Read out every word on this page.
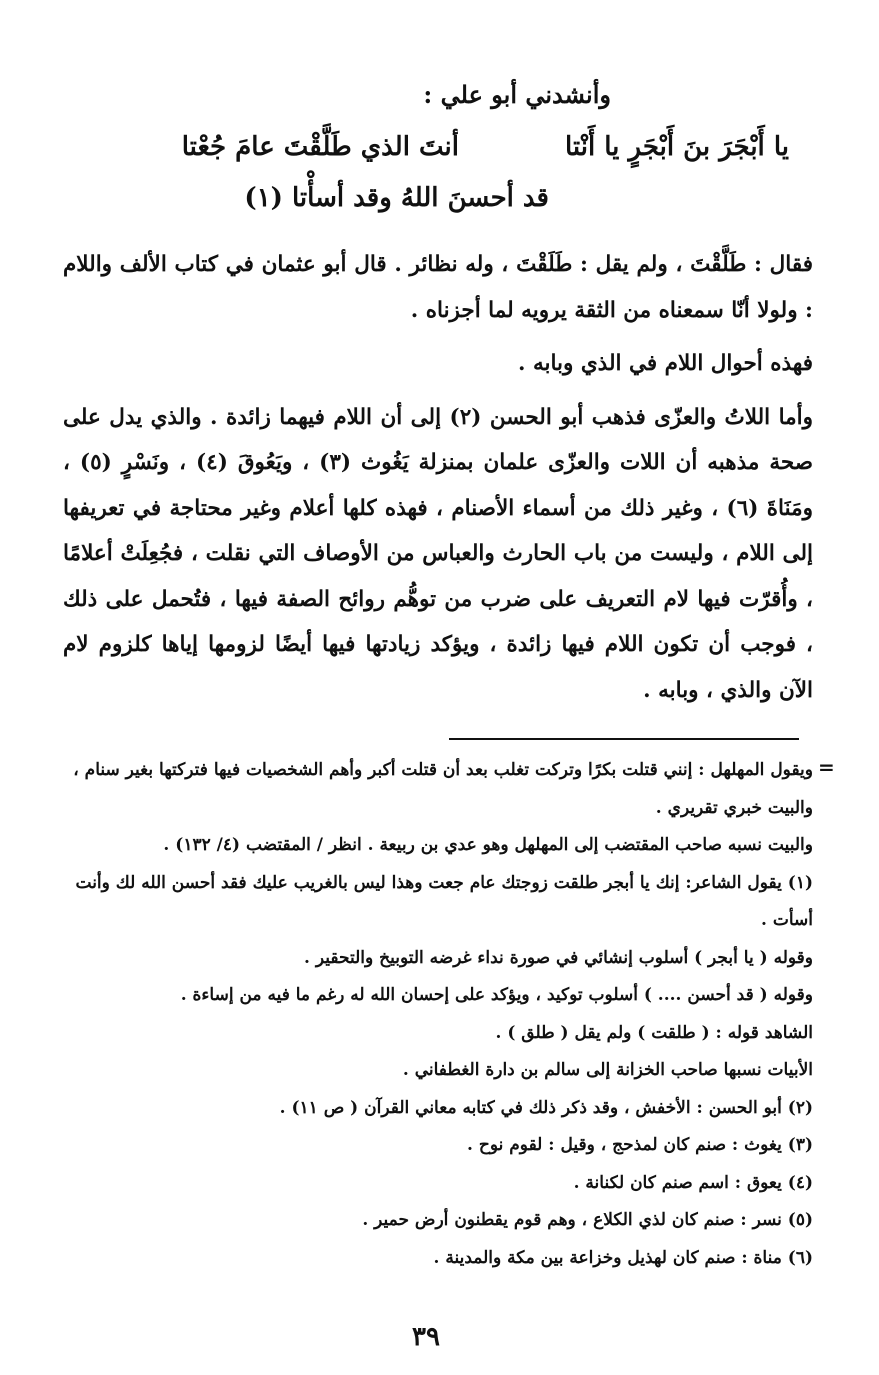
وأنشدني أبو علي :
أنتَ الذي طَلَّقْتَ عامَ جُعْتا	يا أَبْجَرَ بنَ أَبْجَرٍ يا أَنْتا
قد أحسنَ اللهُ وقد أسأْتا (١)

فقال : طَلَّقْتَ ، ولم يقل : طَلَقْتَ ، وله نظائر . قال أبو عثمان في كتاب الألف واللام : ولولا أنّا سمعناه من الثقة يرويه لما أجزناه .

فهذه أحوال اللام في الذي وبابه .

وأما اللاتُ والعزّى فذهب أبو الحسن (٢) إلى أن اللام فيهما زائدة . والذي يدل على صحة مذهبه أن اللات والعزّى علمان بمنزلة يَغُوث (٣) ، ويَعُوقَ (٤) ، ونَسْرٍ (٥) ، ومَنَاةَ (٦) ، وغير ذلك من أسماء الأصنام ، فهذه كلها أعلام وغير محتاجة في تعريفها إلى اللام ، وليست من باب الحارث والعباس من الأوصاف التي نقلت ، فجُعِلَتْ أعلامًا ، وأُقرّت فيها لام التعريف على ضرب من توهُّم روائح الصفة فيها ، فتُحمل على ذلك ، فوجب أن تكون اللام فيها زائدة ، ويؤكد زيادتها فيها أيضًا لزومها إياها كلزوم لام الآن والذي ، وبابه .

=

ويقول المهلهل : إنني قتلت بكرًا وتركت تغلب بعد أن قتلت أكبر وأهم الشخصيات فيها فتركتها بغير سنام ، والبيت خبري تقريري .

والبيت نسبه صاحب المقتضب إلى المهلهل وهو عدي بن ربيعة . انظر / المقتضب (٤/ ١٣٢) .

(١) يقول الشاعر: إنك يا أبجر طلقت زوجتك عام جعت وهذا ليس بالغريب عليك فقد أحسن الله لك وأنت أسأت .

وقوله ( يا أبجر ) أسلوب إنشائي في صورة نداء غرضه التوبيخ والتحقير .

وقوله ( قد أحسن .... ) أسلوب توكيد ، ويؤكد على إحسان الله له رغم ما فيه من إساءة .

الشاهد قوله : ( طلقت ) ولم يقل ( طلق ) .

الأبيات نسبها صاحب الخزانة إلى سالم بن دارة الغطفاني .

(٢) أبو الحسن : الأخفش ، وقد ذكر ذلك في كتابه معاني القرآن ( ص ١١) .

(٣) يغوث : صنم كان لمذحج ، وقيل : لقوم نوح .

(٤) يعوق : اسم صنم كان لكنانة .

(٥) نسر : صنم كان لذي الكلاع ، وهم قوم يقطنون أرض حمير .

(٦) مناة : صنم كان لهذيل وخزاعة بين مكة والمدينة .

٣٩
